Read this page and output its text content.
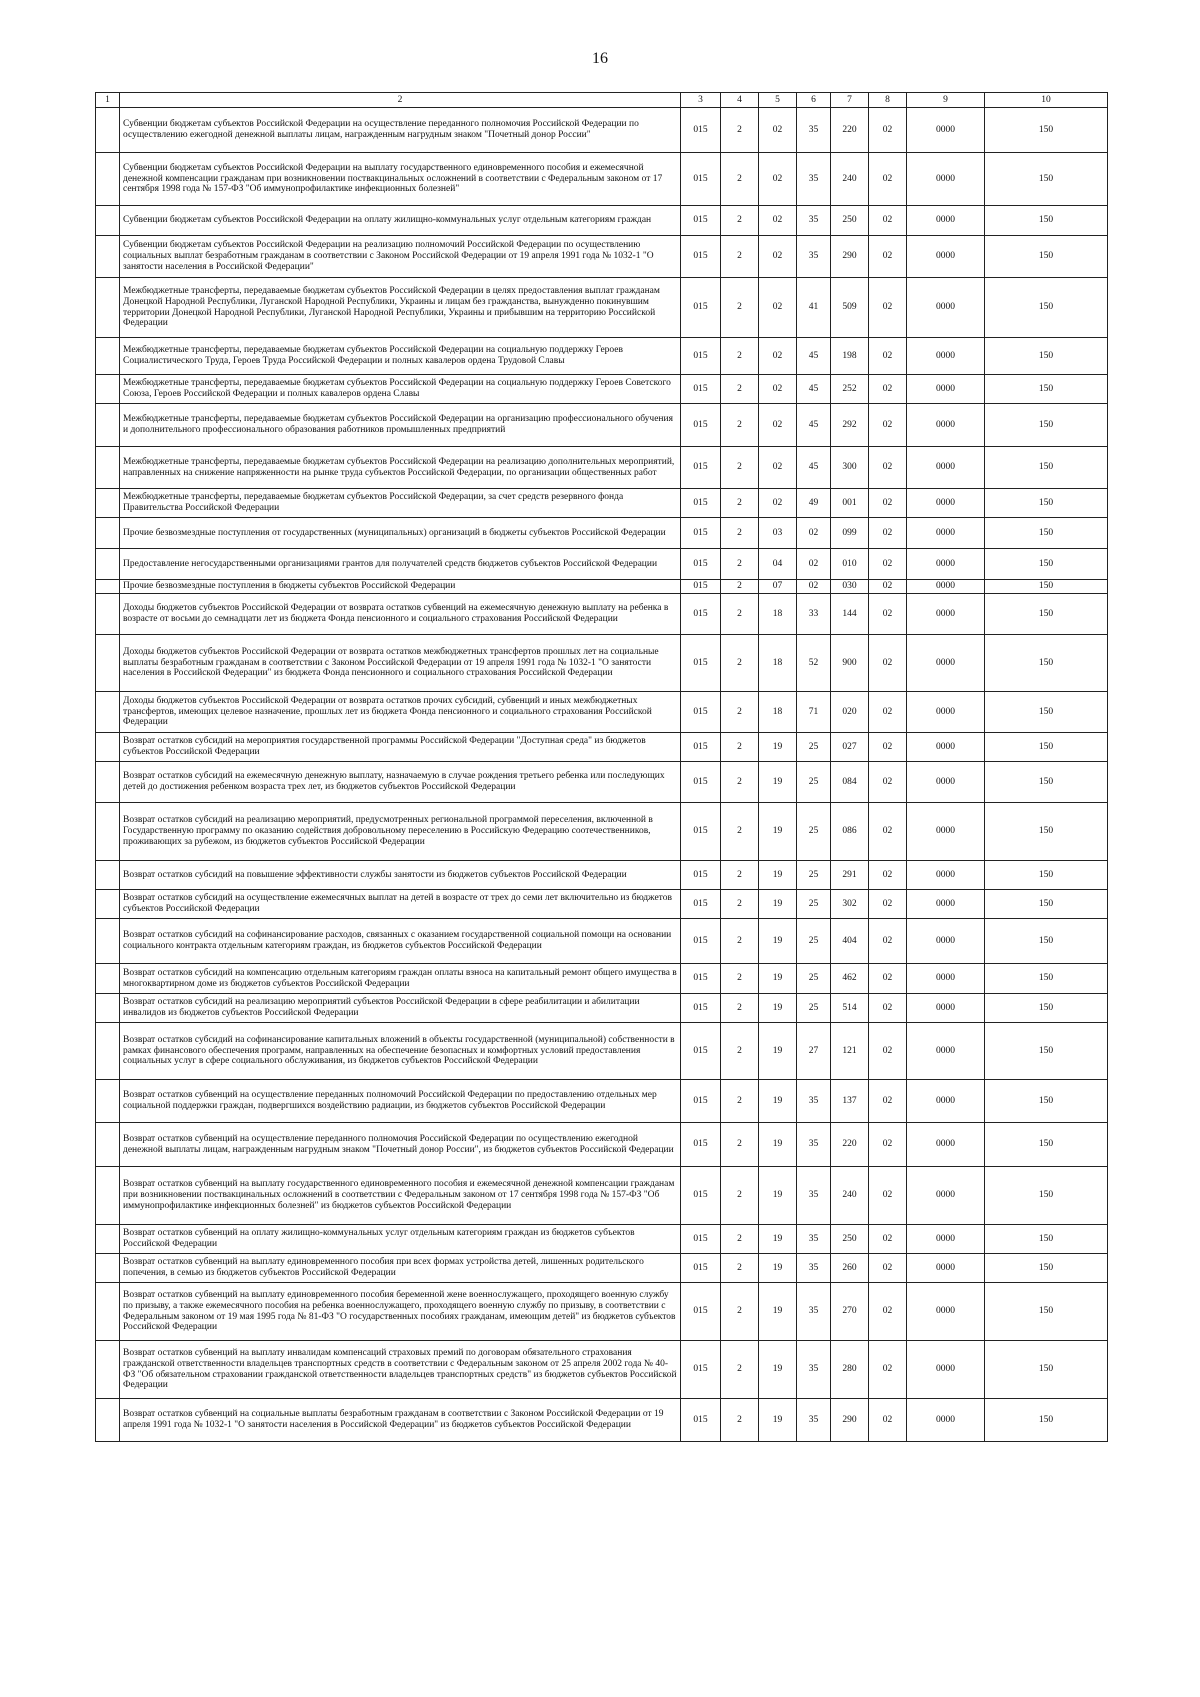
16
1	2	3	4	5	6	7	8	9	10
	Субвенции бюджетам субъектов Российской Федерации на осуществление переданного полномочия Российской Федерации по осуществлению ежегодной денежной выплаты лицам, награжденным нагрудным знаком "Почетный донор России"	015	2	02	35	220	02	0000	150
	Субвенции бюджетам субъектов Российской Федерации на выплату государственного единовременного пособия и ежемесячной денежной компенсации гражданам при возникновении поствакцинальных осложнений в соответствии с Федеральным законом от 17 сентября 1998 года № 157-ФЗ "Об иммунопрофилактике инфекционных болезней"	015	2	02	35	240	02	0000	150
	Субвенции бюджетам субъектов Российской Федерации на оплату жилищно-коммунальных услуг отдельным категориям граждан	015	2	02	35	250	02	0000	150
	Субвенции бюджетам субъектов Российской Федерации на реализацию полномочий Российской Федерации по осуществлению социальных выплат безработным гражданам в соответствии с Законом Российской Федерации от 19 апреля 1991 года № 1032-1 "О занятости населения в Российской Федерации"	015	2	02	35	290	02	0000	150
	Межбюджетные трансферты, передаваемые бюджетам субъектов Российской Федерации в целях предоставления выплат гражданам Донецкой Народной Республики, Луганской Народной Республики, Украины и лицам без гражданства, вынужденно покинувшим территории Донецкой Народной Республики, Луганской Народной Республики, Украины и прибывшим на территорию Российской Федерации	015	2	02	41	509	02	0000	150
	Межбюджетные трансферты, передаваемые бюджетам субъектов Российской Федерации на социальную поддержку Героев Социалистического Труда, Героев Труда Российской Федерации и полных кавалеров ордена Трудовой Славы	015	2	02	45	198	02	0000	150
	Межбюджетные трансферты, передаваемые бюджетам субъектов Российской Федерации на социальную поддержку Героев Советского Союза, Героев Российской Федерации и полных кавалеров ордена Славы	015	2	02	45	252	02	0000	150
	Межбюджетные трансферты, передаваемые бюджетам субъектов Российской Федерации на организацию профессионального обучения и дополнительного профессионального образования работников промышленных предприятий	015	2	02	45	292	02	0000	150
	Межбюджетные трансферты, передаваемые бюджетам субъектов Российской Федерации на реализацию дополнительных мероприятий, направленных на снижение напряженности на рынке труда субъектов Российской Федерации, по организации общественных работ	015	2	02	45	300	02	0000	150
	Межбюджетные трансферты, передаваемые бюджетам субъектов Российской Федерации, за счет средств резервного фонда Правительства Российской Федерации	015	2	02	49	001	02	0000	150
	Прочие безвозмездные поступления от государственных (муниципальных) организаций в бюджеты субъектов Российской Федерации	015	2	03	02	099	02	0000	150
	Предоставление негосударственными организациями грантов для получателей средств бюджетов субъектов Российской Федерации	015	2	04	02	010	02	0000	150
	Прочие безвозмездные поступления в бюджеты субъектов Российской Федерации	015	2	07	02	030	02	0000	150
	Доходы бюджетов субъектов Российской Федерации от возврата остатков субвенций на ежемесячную денежную выплату на ребенка в возрасте от восьми до семнадцати лет из бюджета Фонда пенсионного и социального страхования Российской Федерации	015	2	18	33	144	02	0000	150
	Доходы бюджетов субъектов Российской Федерации от возврата остатков межбюджетных трансфертов прошлых лет на социальные выплаты безработным гражданам в соответствии с Законом Российской Федерации от 19 апреля 1991 года № 1032-1 "О занятости населения в Российской Федерации" из бюджета Фонда пенсионного и социального страхования Российской Федерации	015	2	18	52	900	02	0000	150
	Доходы бюджетов субъектов Российской Федерации от возврата остатков прочих субсидий, субвенций и иных межбюджетных трансфертов, имеющих целевое назначение, прошлых лет из бюджета Фонда пенсионного и социального страхования Российской Федерации	015	2	18	71	020	02	0000	150
	Возврат остатков субсидий на мероприятия государственной программы Российской Федерации "Доступная среда" из бюджетов субъектов Российской Федерации	015	2	19	25	027	02	0000	150
	Возврат остатков субсидий на ежемесячную денежную выплату, назначаемую в случае рождения третьего ребенка или последующих детей до достижения ребенком возраста трех лет, из бюджетов субъектов Российской Федерации	015	2	19	25	084	02	0000	150
	Возврат остатков субсидий на реализацию мероприятий, предусмотренных региональной программой переселения, включенной в Государственную программу по оказанию содействия добровольному переселению в Российскую Федерацию соотечественников, проживающих за рубежом, из бюджетов субъектов Российской Федерации	015	2	19	25	086	02	0000	150
	Возврат остатков субсидий на повышение эффективности службы занятости из бюджетов субъектов Российской Федерации	015	2	19	25	291	02	0000	150
	Возврат остатков субсидий на осуществление ежемесячных выплат на детей в возрасте от трех до семи лет включительно из бюджетов субъектов Российской Федерации	015	2	19	25	302	02	0000	150
	Возврат остатков субсидий на софинансирование расходов, связанных с оказанием государственной социальной помощи на основании социального контракта отдельным категориям граждан, из бюджетов субъектов Российской Федерации	015	2	19	25	404	02	0000	150
	Возврат остатков субсидий на компенсацию отдельным категориям граждан оплаты взноса на капитальный ремонт общего имущества в многоквартирном доме из бюджетов субъектов Российской Федерации	015	2	19	25	462	02	0000	150
	Возврат остатков субсидий на реализацию мероприятий субъектов Российской Федерации в сфере реабилитации и абилитации инвалидов из бюджетов субъектов Российской Федерации	015	2	19	25	514	02	0000	150
	Возврат остатков субсидий на софинансирование капитальных вложений в объекты государственной (муниципальной) собственности в рамках финансового обеспечения программ, направленных на обеспечение безопасных и комфортных условий предоставления социальных услуг в сфере социального обслуживания, из бюджетов субъектов Российской Федерации	015	2	19	27	121	02	0000	150
	Возврат остатков субвенций на осуществление переданных полномочий Российской Федерации по предоставлению отдельных мер социальной поддержки граждан, подвергшихся воздействию радиации, из бюджетов субъектов Российской Федерации	015	2	19	35	137	02	0000	150
	Возврат остатков субвенций на осуществление переданного полномочия Российской Федерации по осуществлению ежегодной денежной выплаты лицам, награжденным нагрудным знаком "Почетный донор России", из бюджетов субъектов Российской Федерации	015	2	19	35	220	02	0000	150
	Возврат остатков субвенций на выплату государственного единовременного пособия и ежемесячной денежной компенсации гражданам при возникновении поствакцинальных осложнений в соответствии с Федеральным законом от 17 сентября 1998 года № 157-ФЗ "Об иммунопрофилактике инфекционных болезней" из бюджетов субъектов Российской Федерации	015	2	19	35	240	02	0000	150
	Возврат остатков субвенций на оплату жилищно-коммунальных услуг отдельным категориям граждан из бюджетов субъектов Российской Федерации	015	2	19	35	250	02	0000	150
	Возврат остатков субвенций на выплату единовременного пособия при всех формах устройства детей, лишенных родительского попечения, в семью из бюджетов субъектов Российской Федерации	015	2	19	35	260	02	0000	150
	Возврат остатков субвенций на выплату единовременного пособия беременной жене военнослужащего, проходящего военную службу по призыву, а также ежемесячного пособия на ребенка военнослужащего, проходящего военную службу по призыву, в соответствии с Федеральным законом от 19 мая 1995 года № 81-ФЗ "О государственных пособиях гражданам, имеющим детей" из бюджетов субъектов Российской Федерации	015	2	19	35	270	02	0000	150
	Возврат остатков субвенций на выплату инвалидам компенсаций страховых премий по договорам обязательного страхования гражданской ответственности владельцев транспортных средств в соответствии с Федеральным законом от 25 апреля 2002 года № 40-ФЗ "Об обязательном страховании гражданской ответственности владельцев транспортных средств" из бюджетов субъектов Российской Федерации	015	2	19	35	280	02	0000	150
	Возврат остатков субвенций на социальные выплаты безработным гражданам в соответствии с Законом Российской Федерации от 19 апреля 1991 года № 1032-1 "О занятости населения в Российской Федерации" из бюджетов субъектов Российской Федерации	015	2	19	35	290	02	0000	150
